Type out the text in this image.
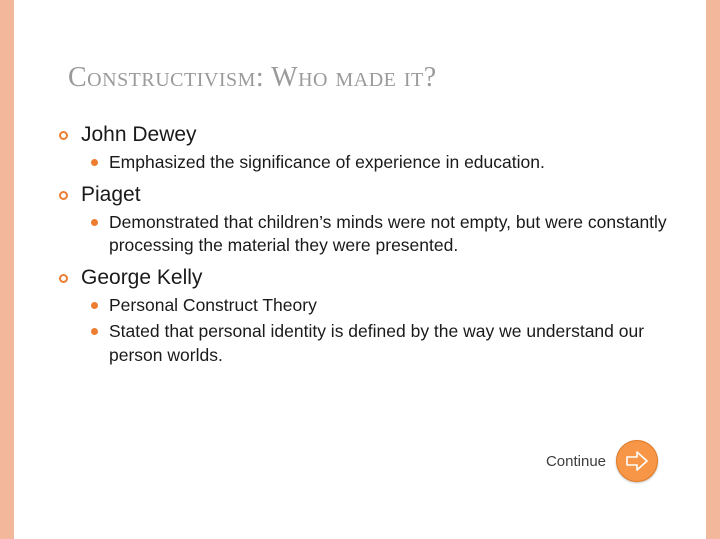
Constructivism: Who made it?
John Dewey
Emphasized the significance of experience in education.
Piaget
Demonstrated that children’s minds were not empty, but were constantly processing the material they were presented.
George Kelly
Personal Construct Theory
Stated that personal identity is defined by the way we understand our person worlds.
Continue
